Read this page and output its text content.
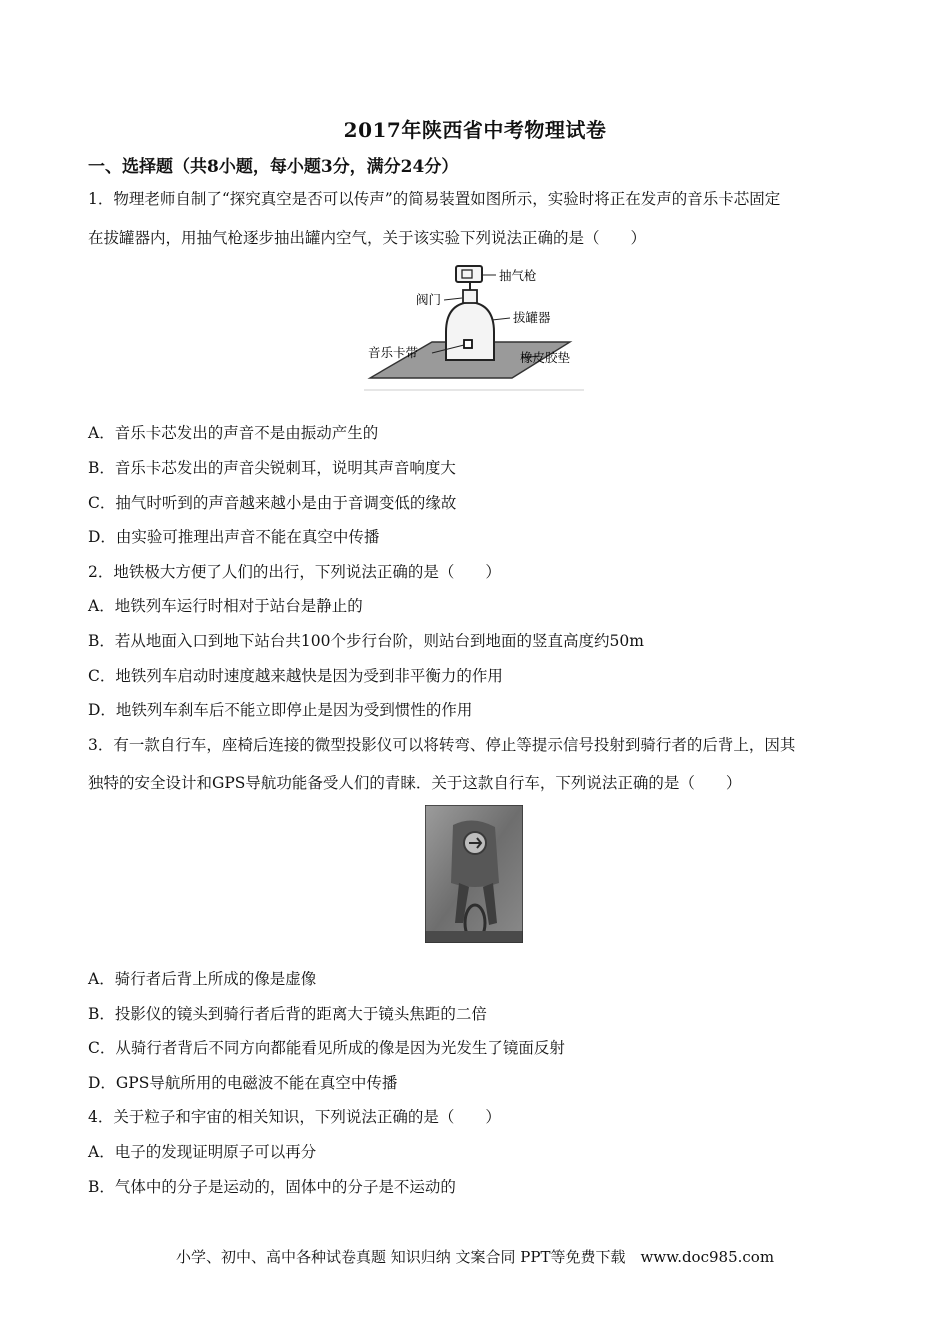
2017年陕西省中考物理试卷
一、选择题（共8小题，每小题3分，满分24分）
1．物理老师自制了“探究真空是否可以传声”的简易装置如图所示，实验时将正在发声的音乐卡芯固定
在拔罐器内，用抽气枪逐步抽出罐内空气，关于该实验下列说法正确的是（　　）
抽气枪
阀门
拔罐器
音乐卡带	橡皮胶垫
A．音乐卡芯发出的声音不是由振动产生的
B．音乐卡芯发出的声音尖锐刺耳，说明其声音响度大
C．抽气时听到的声音越来越小是由于音调变低的缘故
D．由实验可推理出声音不能在真空中传播
2．地铁极大方便了人们的出行，下列说法正确的是（　　）
A．地铁列车运行时相对于站台是静止的
B．若从地面入口到地下站台共100个步行台阶，则站台到地面的竖直高度约50m
C．地铁列车启动时速度越来越快是因为受到非平衡力的作用
D．地铁列车刹车后不能立即停止是因为受到惯性的作用
3．有一款自行车，座椅后连接的微型投影仪可以将转弯、停止等提示信号投射到骑行者的后背上，因其
独特的安全设计和GPS导航功能备受人们的青睐．关于这款自行车，下列说法正确的是（　　）
A．骑行者后背上所成的像是虚像
B．投影仪的镜头到骑行者后背的距离大于镜头焦距的二倍
C．从骑行者背后不同方向都能看见所成的像是因为光发生了镜面反射
D．GPS导航所用的电磁波不能在真空中传播
4．关于粒子和宇宙的相关知识，下列说法正确的是（　　）
A．电子的发现证明原子可以再分
B．气体中的分子是运动的，固体中的分子是不运动的
小学、初中、高中各种试卷真题 知识归纳 文案合同 PPT等免费下载　www.doc985.com
